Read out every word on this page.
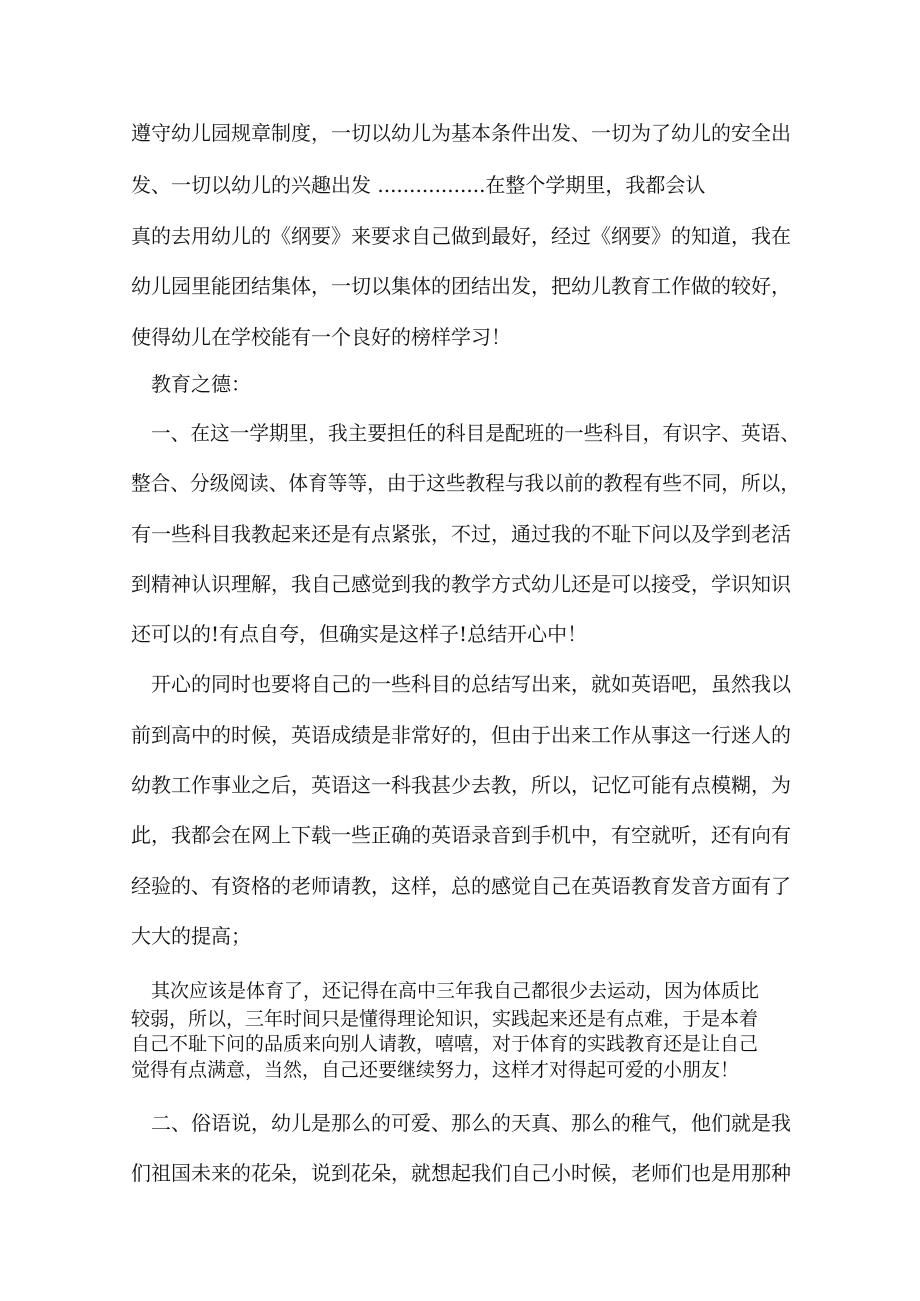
遵守幼儿园规章制度，一切以幼儿为基本条件出发、一切为了幼儿的安全出
发、一切以幼儿的兴趣出发 .................在整个学期里，我都会认
真的去用幼儿的《纲要》来要求自己做到最好，经过《纲要》的知道，我在
幼儿园里能团结集体，一切以集体的团结出发，把幼儿教育工作做的较好，
使得幼儿在学校能有一个良好的榜样学习！
教育之德：
一、在这一学期里，我主要担任的科目是配班的一些科目，有识字、英语、
整合、分级阅读、体育等等，由于这些教程与我以前的教程有些不同，所以，
有一些科目我教起来还是有点紧张，不过，通过我的不耻下问以及学到老活
到精神认识理解，我自己感觉到我的教学方式幼儿还是可以接受，学识知识
还可以的!有点自夸，但确实是这样子!总结开心中！
开心的同时也要将自己的一些科目的总结写出来，就如英语吧，虽然我以
前到高中的时候，英语成绩是非常好的，但由于出来工作从事这一行迷人的
幼教工作事业之后，英语这一科我甚少去教，所以，记忆可能有点模糊，为
此，我都会在网上下载一些正确的英语录音到手机中，有空就听，还有向有
经验的、有资格的老师请教，这样，总的感觉自己在英语教育发音方面有了
大大的提高；
其次应该是体育了，还记得在高中三年我自己都很少去运动，因为体质比
较弱，所以，三年时间只是懂得理论知识，实践起来还是有点难，于是本着
自己不耻下问的品质来向别人请教，嘻嘻，对于体育的实践教育还是让自己
觉得有点满意，当然，自己还要继续努力，这样才对得起可爱的小朋友！
二、俗语说，幼儿是那么的可爱、那么的天真、那么的稚气，他们就是我
们祖国未来的花朵，说到花朵，就想起我们自己小时候，老师们也是用那种
